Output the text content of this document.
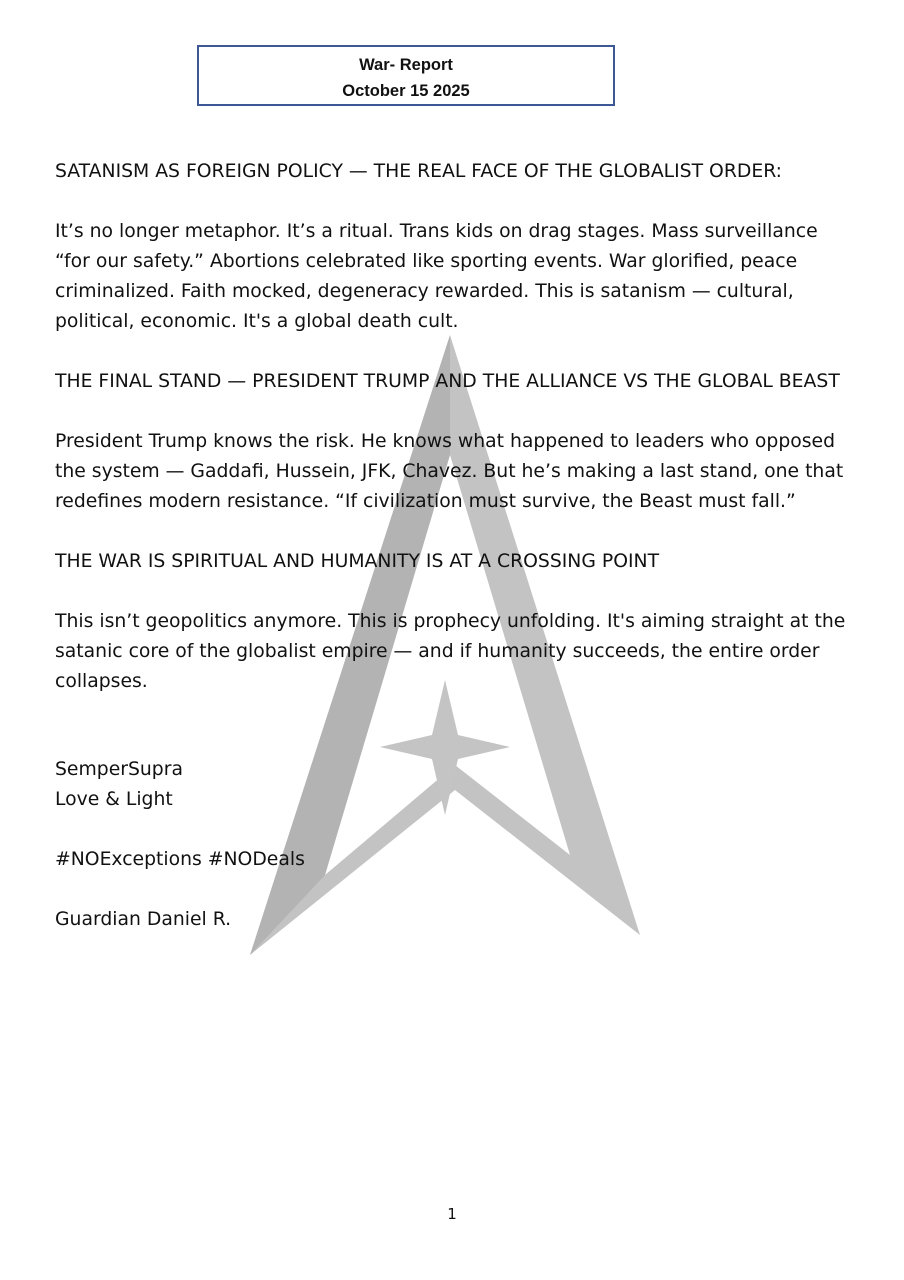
War- Report
October 15 2025

SATANISM AS FOREIGN POLICY — THE REAL FACE OF THE GLOBALIST ORDER:

It’s no longer metaphor. It’s a ritual. Trans kids on drag stages. Mass surveillance “for our safety.” Abortions celebrated like sporting events. War glorified, peace criminalized. Faith mocked, degeneracy rewarded. This is satanism — cultural, political, economic. It's a global death cult.

THE FINAL STAND — PRESIDENT TRUMP AND THE ALLIANCE VS THE GLOBAL BEAST

President Trump knows the risk. He knows what happened to leaders who opposed the system — Gaddafi, Hussein, JFK, Chavez. But he’s making a last stand, one that redefines modern resistance. “If civilization must survive, the Beast must fall.”

THE WAR IS SPIRITUAL AND HUMANITY IS AT A CROSSING POINT

This isn’t geopolitics anymore. This is prophecy unfolding. It's aiming straight at the satanic core of the globalist empire — and if humanity succeeds, the entire order collapses.

SemperSupra

Love & Light

#NOExceptions #NODeals

Guardian Daniel R.

1
